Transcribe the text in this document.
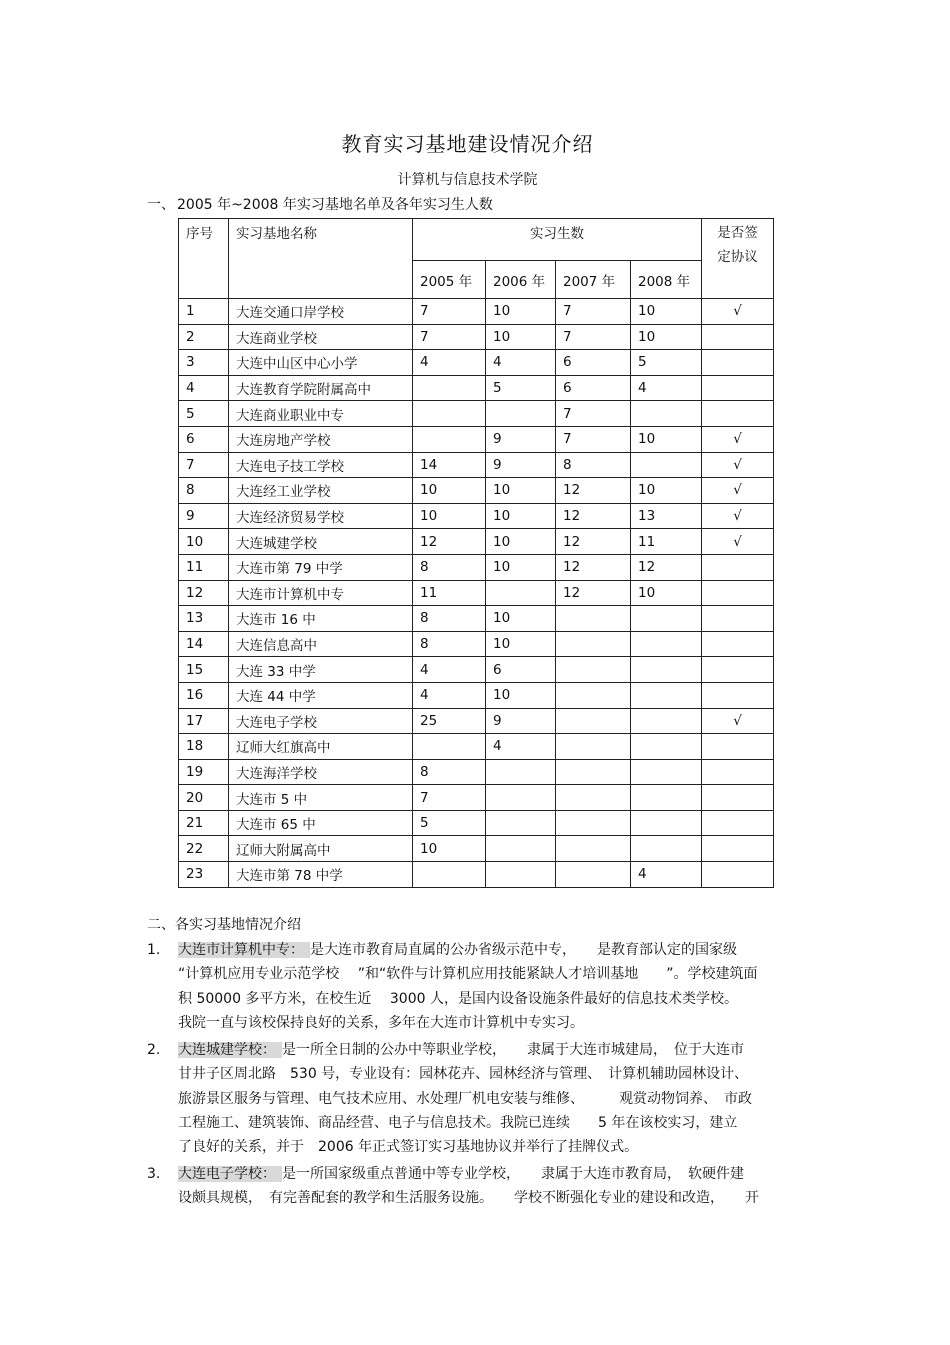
教育实习基地建设情况介绍
计算机与信息技术学院
一、 2005 年~2008 年实习基地名单及各年实习生人数
序号	实习基地名称	实习生数				是否签
定协议
		2005 年	2006 年	2007 年	2008 年	
1	大连交通口岸学校	7	10	7	10	√
2	大连商业学校	7	10	7	10	
3	大连中山区中心小学	4	4	6	5	
4	大连教育学院附属高中		5	6	4	
5	大连商业职业中专			7		
6	大连房地产学校		9	7	10	√
7	大连电子技工学校	14	9	8		√
8	大连经工业学校	10	10	12	10	√
9	大连经济贸易学校	10	10	12	13	√
10	大连城建学校	12	10	12	11	√
11	大连市第 79 中学	8	10	12	12	
12	大连市计算机中专	11		12	10	
13	大连市 16 中	8	10			
14	大连信息高中	8	10			
15	大连 33 中学	4	6			
16	大连 44 中学	4	10			
17	大连电子学校	25	9			√
18	辽师大红旗高中		4			
19	大连海洋学校	8				
20	大连市 5 中	7				
21	大连市 65 中	5				
22	辽师大附属高中	10				
23	大连市第 78 中学				4	
二、各实习基地情况介绍
1. 大连市计算机中专： 是大连市教育局直属的公办省级示范中专，　　是教育部认定的国家级
“计算机应用专业示范学校　 ”和“软件与计算机应用技能紧缺人才培训基地　　”。学校建筑面
积 50000 多平方米，在校生近　 3000 人，是国内设备设施条件最好的信息技术类学校。
我院一直与该校保持良好的关系，多年在大连市计算机中专实习。
2. 大连城建学校： 是一所全日制的公办中等职业学校，　　隶属于大连市城建局，　位于大连市
甘井子区周北路　530 号，专业设有：园林花卉、园林经济与管理、　计算机辅助园林设计、
旅游景区服务与管理、电气技术应用、水处理厂机电安装与维修、　　　观赏动物饲养、　市政
工程施工、建筑装饰、商品经营、电子与信息技术。我院已连续　　5 年在该校实习，建立
了良好的关系，并于　2006 年正式签订实习基地协议并举行了挂牌仪式。
3. 大连电子学校： 是一所国家级重点普通中等专业学校，　　隶属于大连市教育局，　软硬件建
设颇具规模，　有完善配套的教学和生活服务设施。　　学校不断强化专业的建设和改造，　　开
